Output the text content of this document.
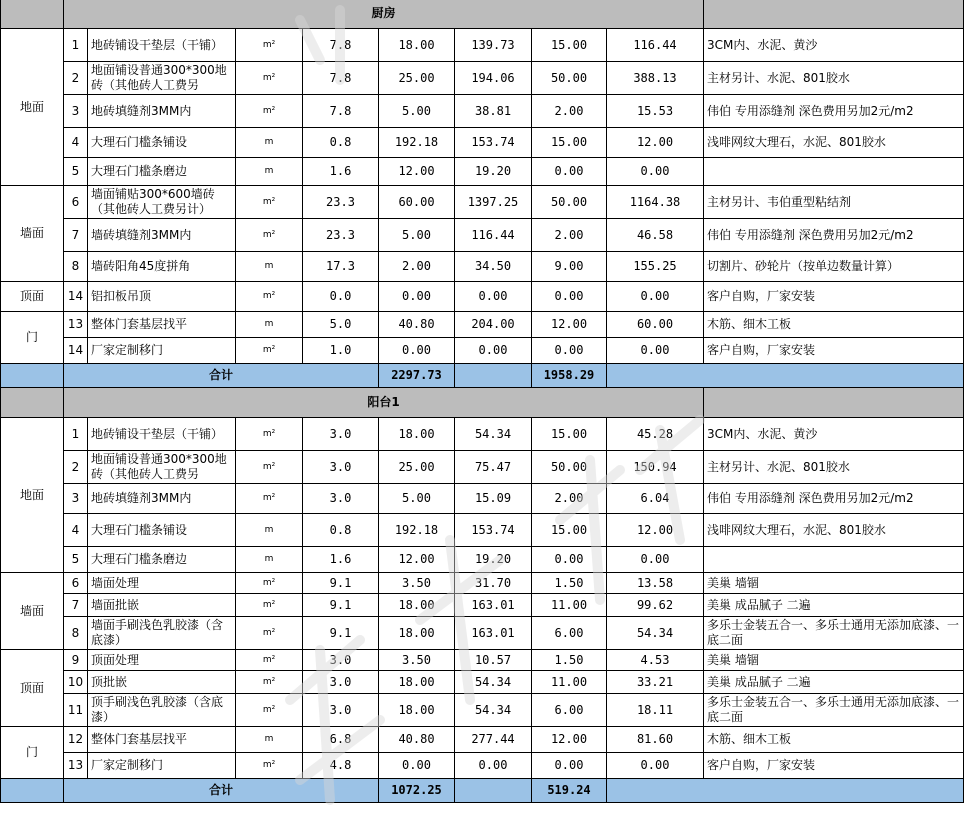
	厨房								
地面	1	地砖铺设干垫层（干铺）	m²	7.8	18.00	139.73	15.00	116.44	3CM内、水泥、黄沙
	2	地面铺设普通300*300地砖（其他砖人工费另	m²	7.8	25.00	194.06	50.00	388.13	主材另计、水泥、801胶水
	3	地砖填缝剂3MM内	m²	7.8	5.00	38.81	2.00	15.53	伟伯 专用添缝剂 深色费用另加2元/m2
	4	大理石门槛条铺设	m	0.8	192.18	153.74	15.00	12.00	浅啡网纹大理石，水泥、801胶水
	5	大理石门槛条磨边	m	1.6	12.00	19.20	0.00	0.00	
墙面	6	墙面铺贴300*600墙砖（其他砖人工费另计）	m²	23.3	60.00	1397.25	50.00	1164.38	主材另计、韦伯重型粘结剂
	7	墙砖填缝剂3MM内	m²	23.3	5.00	116.44	2.00	46.58	伟伯 专用添缝剂 深色费用另加2元/m2
	8	墙砖阳角45度拼角	m	17.3	2.00	34.50	9.00	155.25	切割片、砂轮片（按单边数量计算）
顶面	14	铝扣板吊顶	m²	0.0	0.00	0.00	0.00	0.00	客户自购，厂家安装
门	13	整体门套基层找平	m	5.0	40.80	204.00	12.00	60.00	木筋、细木工板
	14	厂家定制移门	m²	1.0	0.00	0.00	0.00	0.00	客户自购，厂家安装
	合计				2297.73		1958.29		
	阳台1								
地面	1	地砖铺设干垫层（干铺）	m²	3.0	18.00	54.34	15.00	45.28	3CM内、水泥、黄沙
	2	地面铺设普通300*300地砖（其他砖人工费另	m²	3.0	25.00	75.47	50.00	150.94	主材另计、水泥、801胶水
	3	地砖填缝剂3MM内	m²	3.0	5.00	15.09	2.00	6.04	伟伯 专用添缝剂 深色费用另加2元/m2
	4	大理石门槛条铺设	m	0.8	192.18	153.74	15.00	12.00	浅啡网纹大理石，水泥、801胶水
	5	大理石门槛条磨边	m	1.6	12.00	19.20	0.00	0.00	
墙面	6	墙面处理	m²	9.1	3.50	31.70	1.50	13.58	美巢 墙锢
	7	墙面批嵌	m²	9.1	18.00	163.01	11.00	99.62	美巢 成品腻子 二遍
	8	墙面手刷浅色乳胶漆（含底漆）	m²	9.1	18.00	163.01	6.00	54.34	多乐士金装五合一、多乐士通用无添加底漆、一底二面
顶面	9	顶面处理	m²	3.0	3.50	10.57	1.50	4.53	美巢 墙锢
	10	顶批嵌	m²	3.0	18.00	54.34	11.00	33.21	美巢 成品腻子 二遍
	11	顶手刷浅色乳胶漆（含底漆）	m²	3.0	18.00	54.34	6.00	18.11	多乐士金装五合一、多乐士通用无添加底漆、一底二面
门	12	整体门套基层找平	m	6.8	40.80	277.44	12.00	81.60	木筋、细木工板
	13	厂家定制移门	m²	4.8	0.00	0.00	0.00	0.00	客户自购，厂家安装
	合计				1072.25		519.24		
